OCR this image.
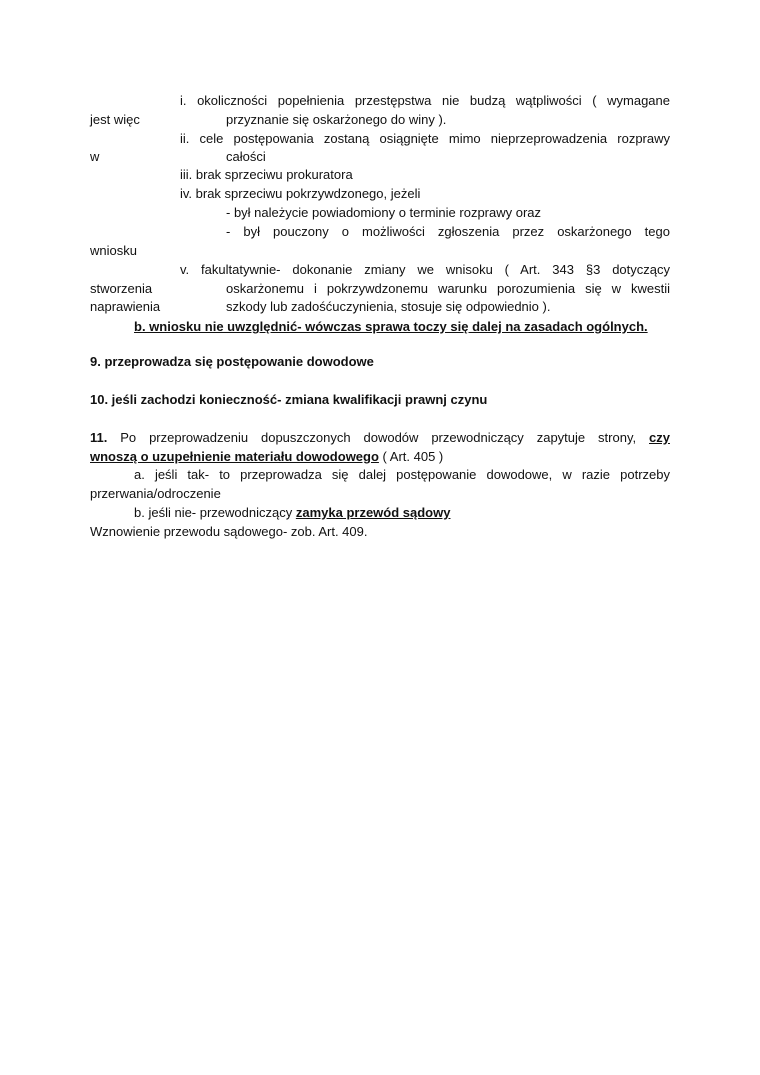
i. okoliczności popełnienia przestępstwa nie budzą wątpliwości ( wymagane
jest więc	przyznanie się oskarżonego do winy ).
ii. cele postępowania zostaną osiągnięte mimo nieprzeprowadzenia rozprawy
w	całości
iii. brak sprzeciwu prokuratora
iv. brak sprzeciwu pokrzywdzonego, jeżeli
- był należycie powiadomiony o terminie rozprawy oraz
- był pouczony o możliwości zgłoszenia przez oskarżonego tego
wniosku
v. fakultatywnie- dokonanie zmiany we wnisoku ( Art. 343 §3 dotyczący
stworzenia	oskarżonemu i pokrzywdzonemu warunku porozumienia się w kwestii
naprawienia	szkody lub zadośćuczynienia, stosuje się odpowiednio ).
b. wniosku nie uwzględnić- wówczas sprawa toczy się dalej na zasadach ogólnych.
9. przeprowadza się postępowanie dowodowe
10. jeśli zachodzi konieczność- zmiana kwalifikacji prawnj czynu
11. Po przeprowadzeniu dopuszczonych dowodów przewodniczący zapytuje strony, czy
wnoszą o uzupełnienie materiału dowodowego ( Art. 405 )
a. jeśli tak- to przeprowadza się dalej postępowanie dowodowe, w razie potrzeby
przerwania/odroczenie
b. jeśli nie- przewodniczący zamyka przewód sądowy
Wznowienie przewodu sądowego- zob. Art. 409.
